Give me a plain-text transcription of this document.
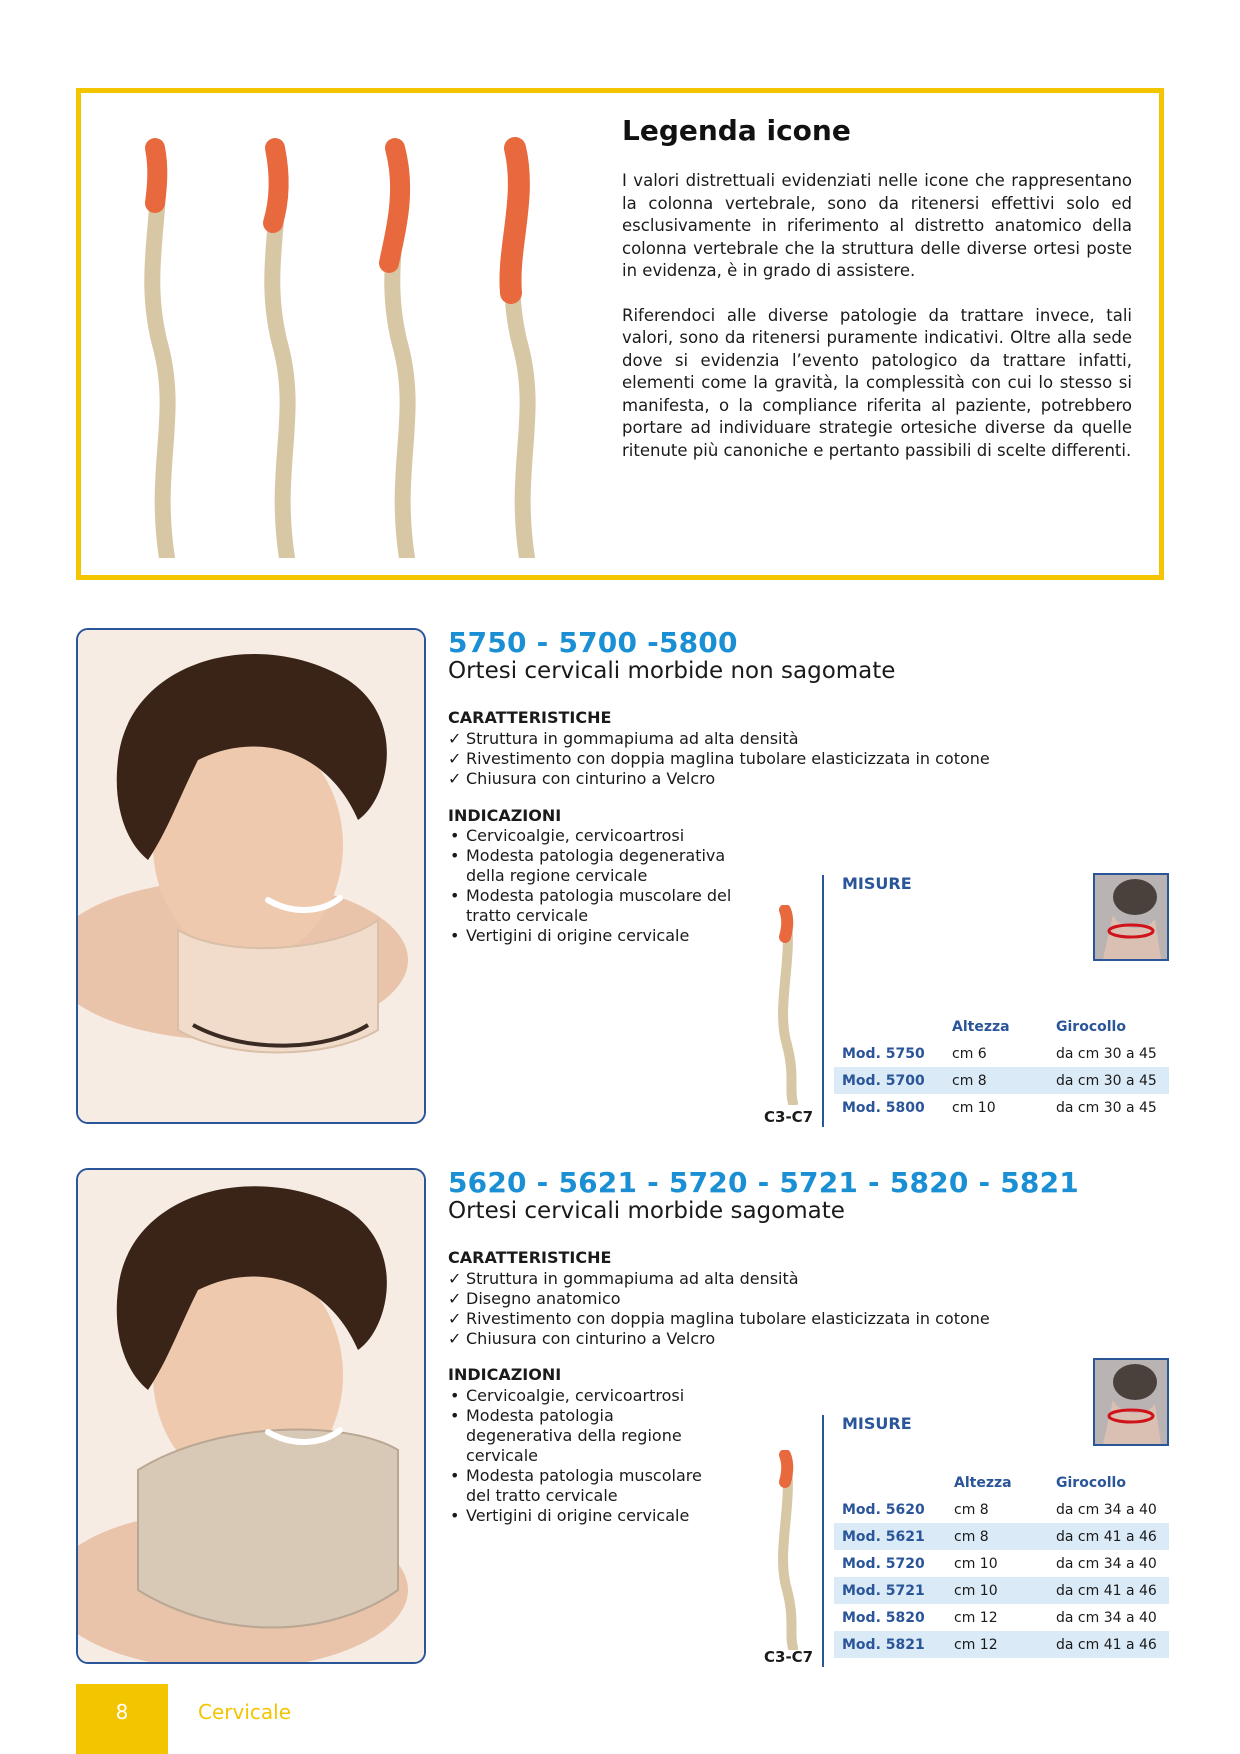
Legenda icone

I valori distrettuali evidenziati nelle icone che rappresentano la colonna vertebrale, sono da ritenersi effettivi solo ed esclusivamente in riferimento al distretto anatomico della colonna vertebrale che la struttura delle diverse ortesi poste in evidenza, è in grado di assistere.

Riferendoci alle diverse patologie da trattare invece, tali valori, sono da ritenersi puramente indicativi. Oltre alla sede dove si evidenzia l’evento patologico da trattare infatti, elementi come la gravità, la complessità con cui lo stesso si manifesta, o la compliance riferita al paziente, potrebbero portare ad individuare strategie ortesiche diverse da quelle ritenute più canoniche e pertanto passibili di scelte differenti.

5750 - 5700 -5800
Ortesi cervicali morbide non sagomate
CARATTERISTICHE
✓ Struttura in gommapiuma ad alta densità
✓ Rivestimento con doppia maglina tubolare elasticizzata in cotone
✓ Chiusura con cinturino a Velcro
INDICAZIONI
• Cervicoalgie, cervicoartrosi
• Modesta patologia degenerativa della regione cervicale
• Modesta patologia muscolare del tratto cervicale
• Vertigini di origine cervicale
C3-C7
MISURE
	Altezza	Girocollo
Mod. 5750	cm 6	da cm 30 a 45
Mod. 5700	cm 8	da cm 30 a 45
Mod. 5800	cm 10	da cm 30 a 45
5620 - 5621 - 5720 - 5721 - 5820 - 5821
Ortesi cervicali morbide sagomate
CARATTERISTICHE
✓ Struttura in gommapiuma ad alta densità
✓ Disegno anatomico
✓ Rivestimento con doppia maglina tubolare elasticizzata in cotone
✓ Chiusura con cinturino a Velcro
INDICAZIONI
• Cervicoalgie, cervicoartrosi
• Modesta patologia degenerativa della regione cervicale
• Modesta patologia muscolare del tratto cervicale
• Vertigini di origine cervicale
C3-C7
MISURE
	Altezza	Girocollo
Mod. 5620	cm 8	da cm 34 a 40
Mod. 5621	cm 8	da cm 41 a 46
Mod. 5720	cm 10	da cm 34 a 40
Mod. 5721	cm 10	da cm 41 a 46
Mod. 5820	cm 12	da cm 34 a 40
Mod. 5821	cm 12	da cm 41 a 46
8	Cervicale
